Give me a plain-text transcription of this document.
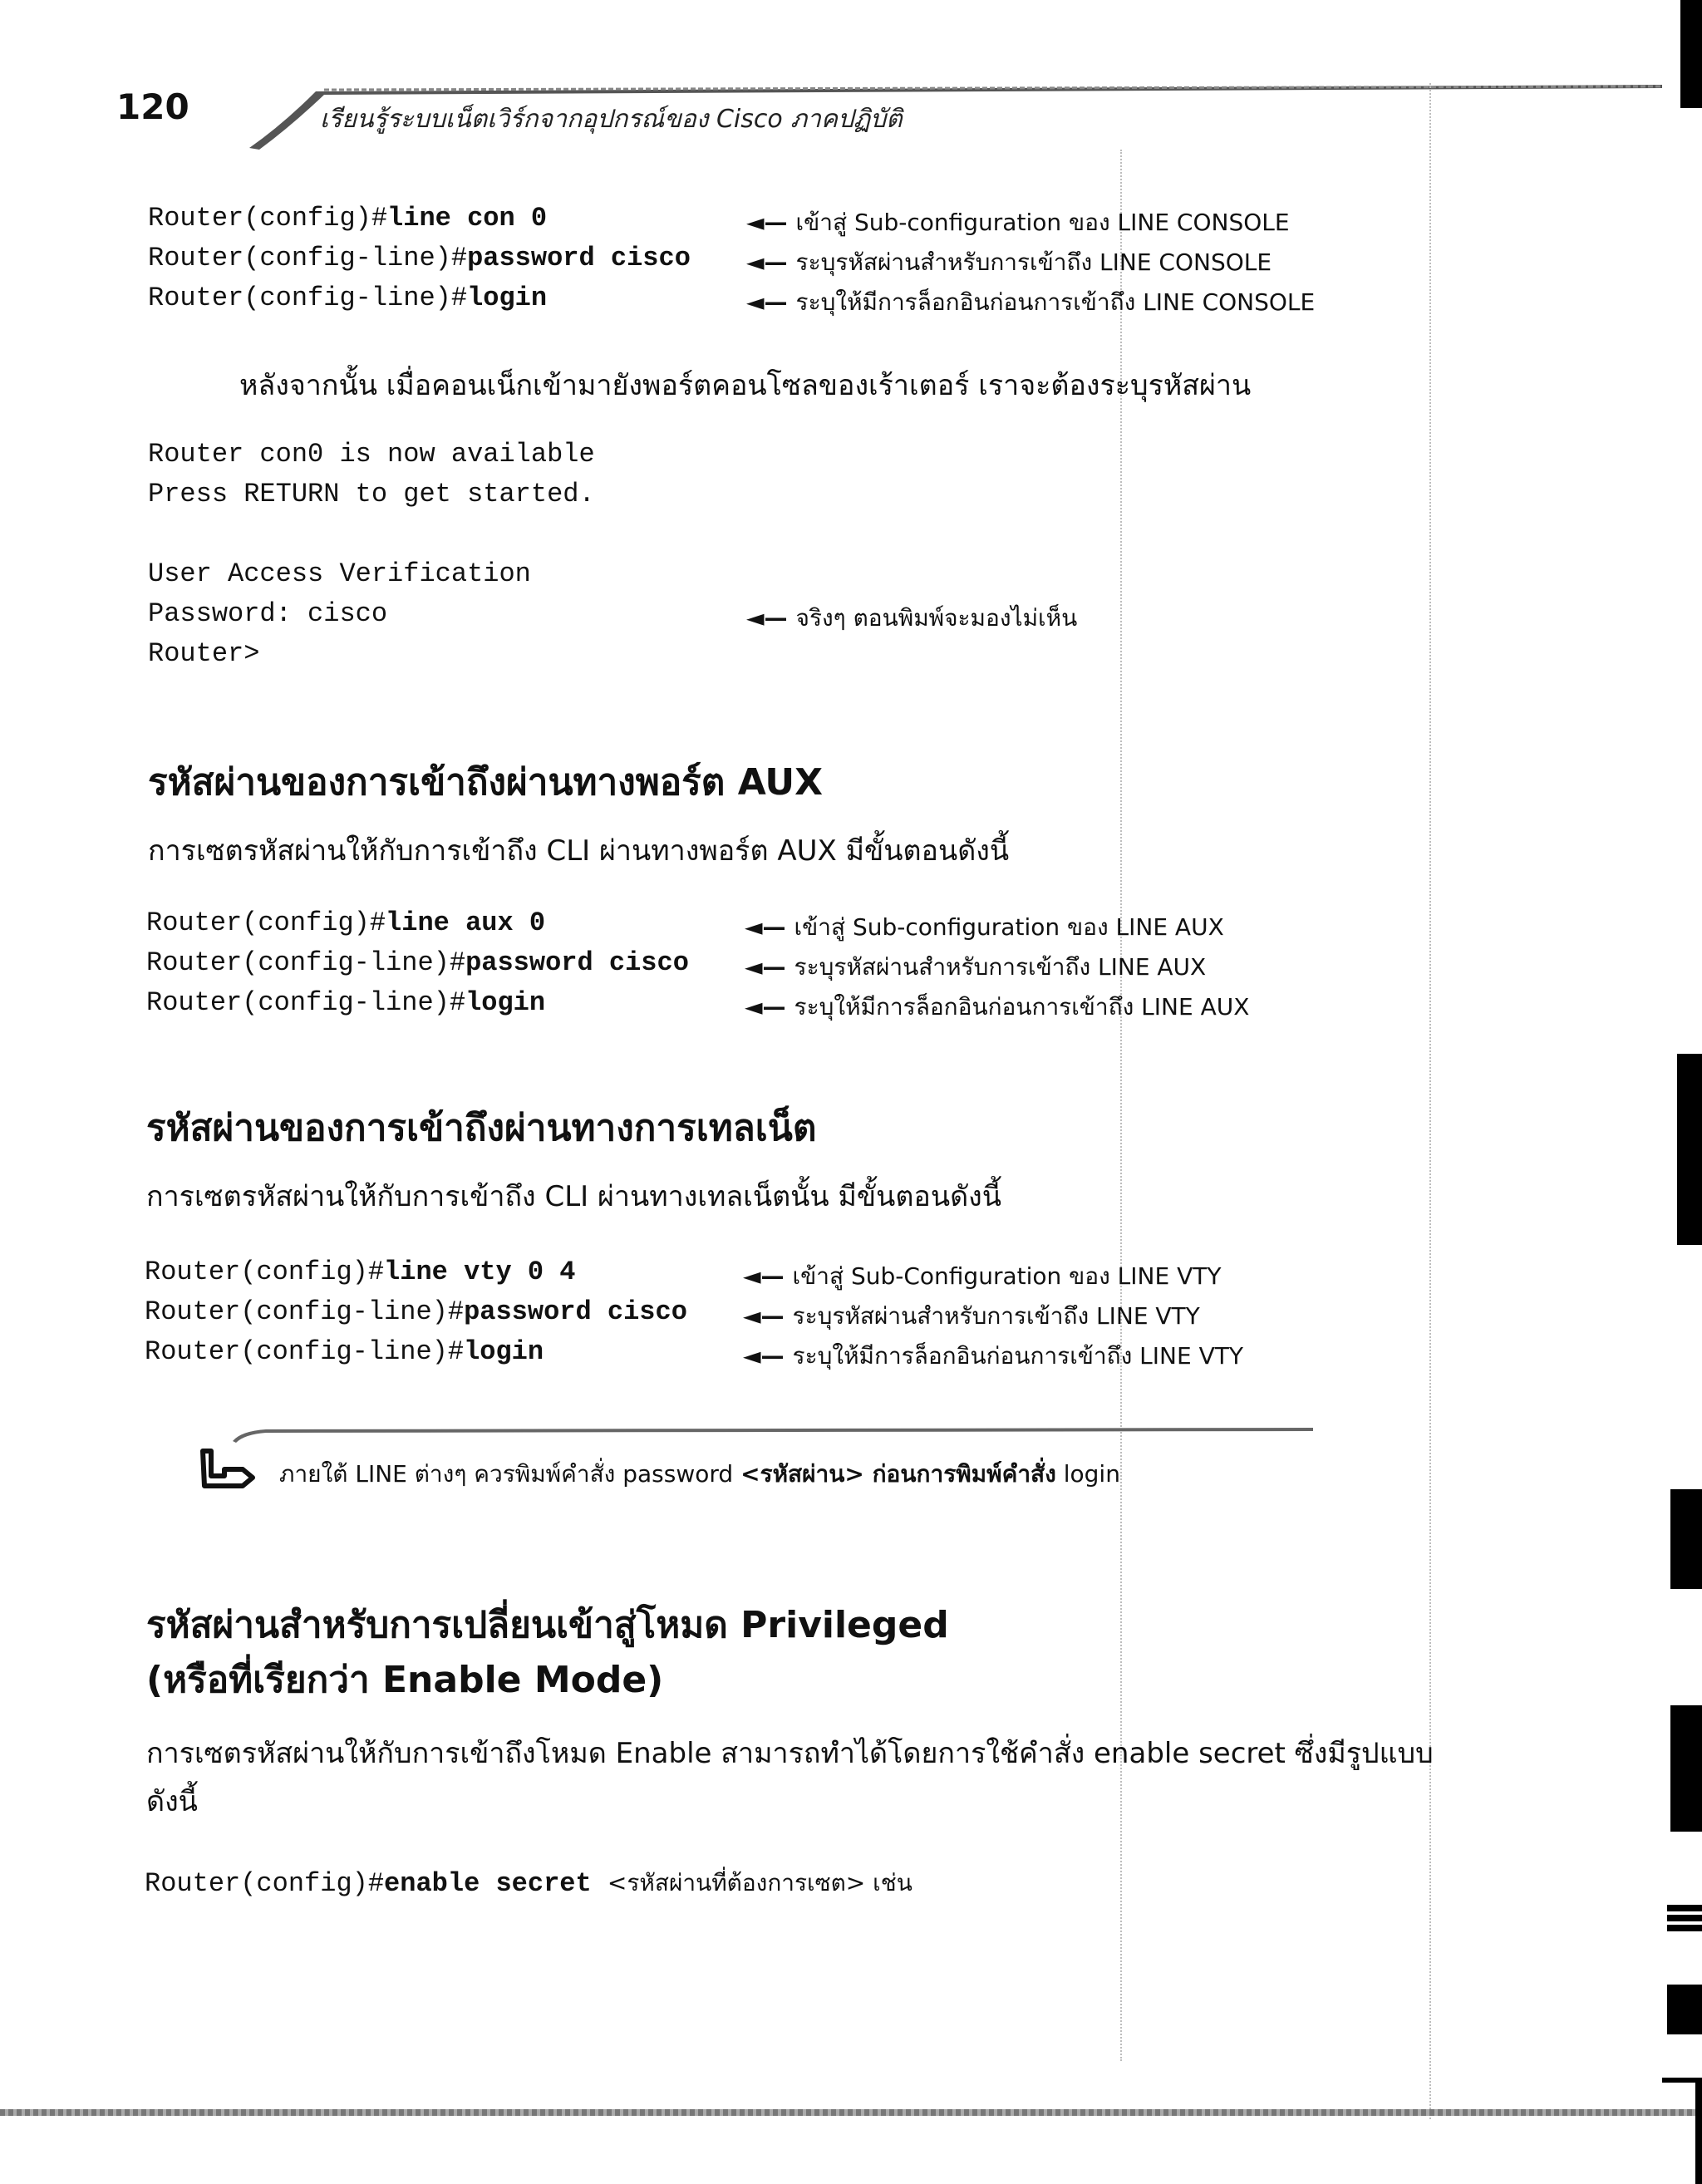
120	เรียนรู้ระบบเน็ตเวิร์กจากอุปกรณ์ของ Cisco ภาคปฏิบัติ
Router(config)#line con 0	◄— เข้าสู่ Sub-configuration ของ LINE CONSOLE
Router(config-line)#password cisco ◄— ระบุรหัสผ่านสำหรับการเข้าถึง LINE CONSOLE
Router(config-line)#login	◄— ระบุให้มีการล็อกอินก่อนการเข้าถึง LINE CONSOLE
หลังจากนั้น เมื่อคอนเน็กเข้ามายังพอร์ตคอนโซลของเร้าเตอร์ เราจะต้องระบุรหัสผ่าน
Router con0 is now available
Press RETURN to get started.
User Access Verification
Password: cisco	◄— จริงๆ ตอนพิมพ์จะมองไม่เห็น
Router>
รหัสผ่านของการเข้าถึงผ่านทางพอร์ต AUX
การเซตรหัสผ่านให้กับการเข้าถึง CLI ผ่านทางพอร์ต AUX มีขั้นตอนดังนี้
Router(config)#line aux 0	◄— เข้าสู่ Sub-configuration ของ LINE AUX
Router(config-line)#password cisco ◄— ระบุรหัสผ่านสำหรับการเข้าถึง LINE AUX
Router(config-line)#login	◄— ระบุให้มีการล็อกอินก่อนการเข้าถึง LINE AUX
รหัสผ่านของการเข้าถึงผ่านทางการเทลเน็ต
การเซตรหัสผ่านให้กับการเข้าถึง CLI ผ่านทางเทลเน็ตนั้น มีขั้นตอนดังนี้
Router(config)#line vty 0 4	◄— เข้าสู่ Sub-Configuration ของ LINE VTY
Router(config-line)#password cisco ◄— ระบุรหัสผ่านสำหรับการเข้าถึง LINE VTY
Router(config-line)#login	◄— ระบุให้มีการล็อกอินก่อนการเข้าถึง LINE VTY
ภายใต้ LINE ต่างๆ ควรพิมพ์คำสั่ง password <รหัสผ่าน> ก่อนการพิมพ์คำสั่ง login
รหัสผ่านสำหรับการเปลี่ยนเข้าสู่โหมด Privileged
(หรือที่เรียกว่า Enable Mode)
การเซตรหัสผ่านให้กับการเข้าถึงโหมด Enable สามารถทำได้โดยการใช้คำสั่ง enable secret ซึ่งมีรูปแบบ
ดังนี้
Router(config)#enable secret <รหัสผ่านที่ต้องการเซต> เช่น
